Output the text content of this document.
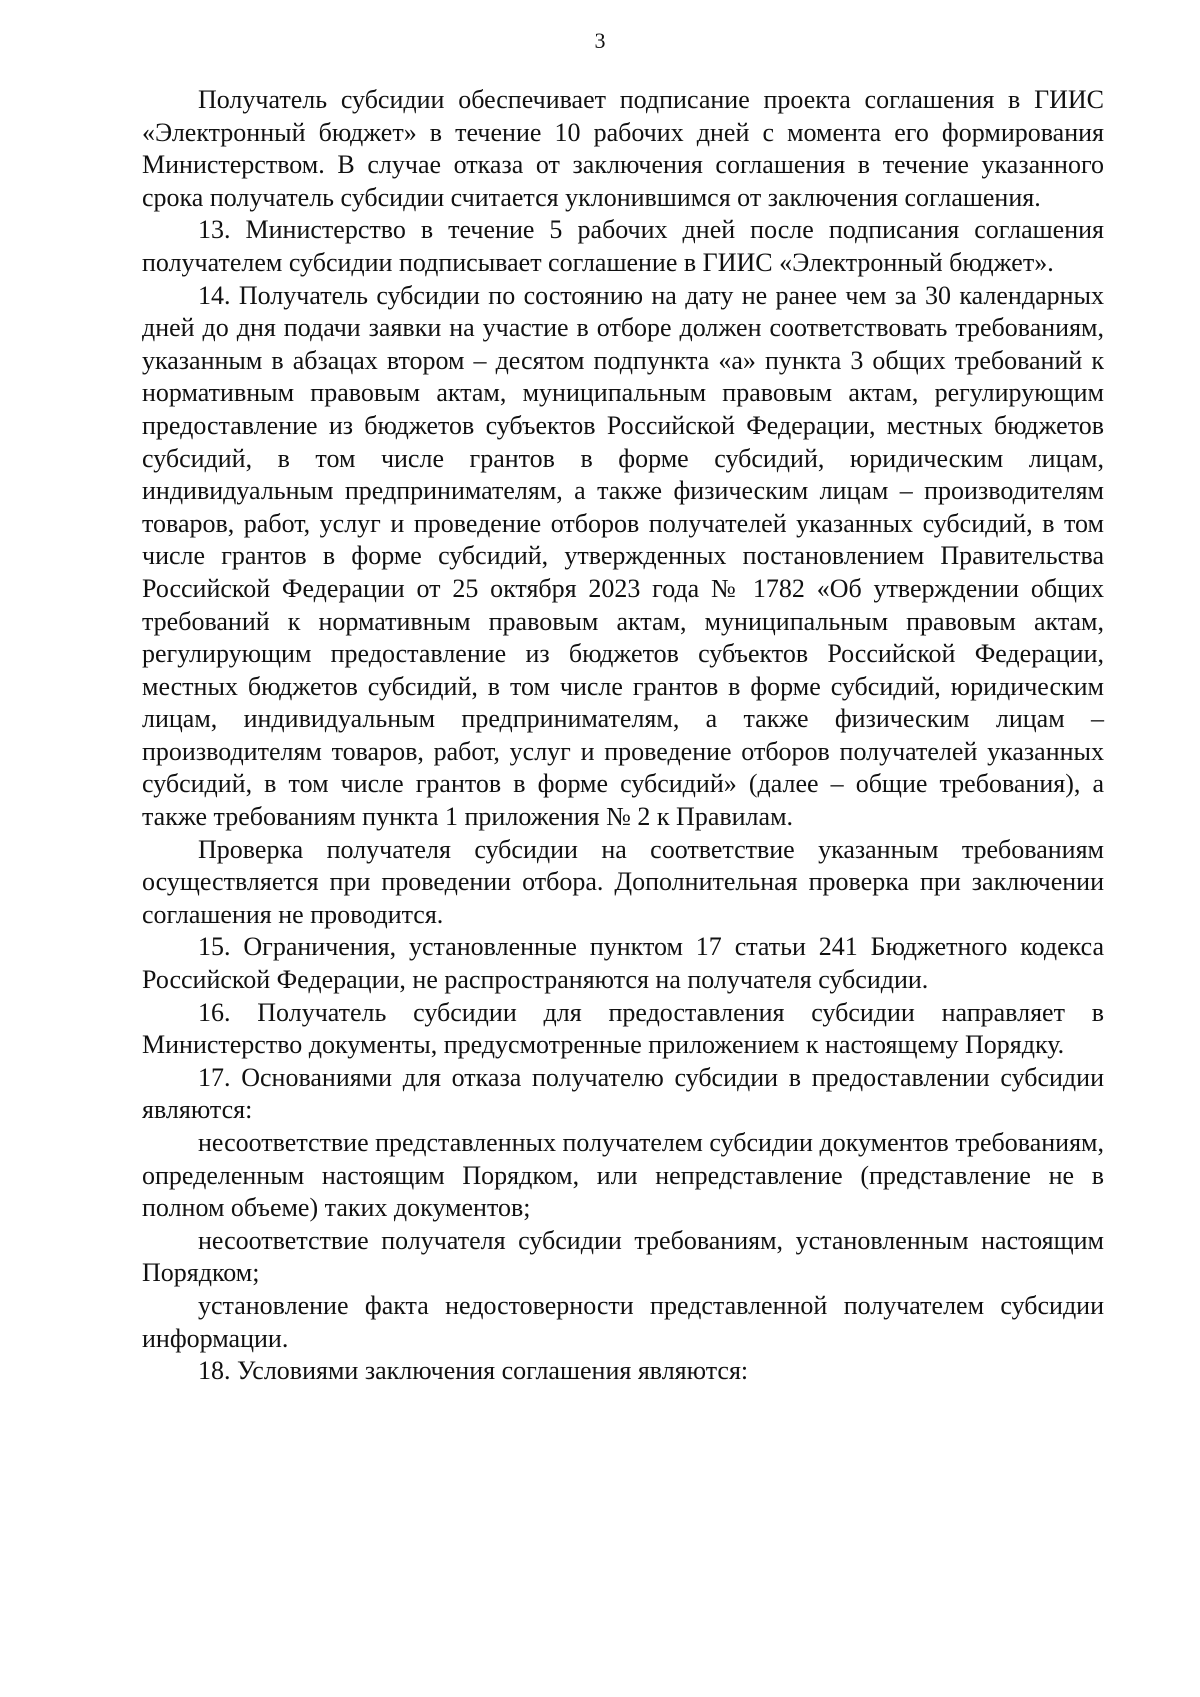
3

Получатель субсидии обеспечивает подписание проекта соглашения в ГИИС «Электронный бюджет» в течение 10 рабочих дней с момента его формирования Министерством. В случае отказа от заключения соглашения в течение указанного срока получатель субсидии считается уклонившимся от заключения соглашения.

13. Министерство в течение 5 рабочих дней после подписания соглашения получателем субсидии подписывает соглашение в ГИИС «Электронный бюджет».

14. Получатель субсидии по состоянию на дату не ранее чем за 30 календарных дней до дня подачи заявки на участие в отборе должен соответствовать требованиям, указанным в абзацах втором – десятом подпункта «а» пункта 3 общих требований к нормативным правовым актам, муниципальным правовым актам, регулирующим предоставление из бюджетов субъектов Российской Федерации, местных бюджетов субсидий, в том числе грантов в форме субсидий, юридическим лицам, индивидуальным предпринимателям, а также физическим лицам – производителям товаров, работ, услуг и проведение отборов получателей указанных субсидий, в том числе грантов в форме субсидий, утвержденных постановлением Правительства Российской Федерации от 25 октября 2023 года № 1782 «Об утверждении общих требований к нормативным правовым актам, муниципальным правовым актам, регулирующим предоставление из бюджетов субъектов Российской Федерации, местных бюджетов субсидий, в том числе грантов в форме субсидий, юридическим лицам, индивидуальным предпринимателям, а также физическим лицам – производителям товаров, работ, услуг и проведение отборов получателей указанных субсидий, в том числе грантов в форме субсидий» (далее – общие требования), а также требованиям пункта 1 приложения № 2 к Правилам.

Проверка получателя субсидии на соответствие указанным требованиям осуществляется при проведении отбора. Дополнительная проверка при заключении соглашения не проводится.

15. Ограничения, установленные пунктом 17 статьи 241 Бюджетного кодекса Российской Федерации, не распространяются на получателя субсидии.

16. Получатель субсидии для предоставления субсидии направляет в Министерство документы, предусмотренные приложением к настоящему Порядку.

17. Основаниями для отказа получателю субсидии в предоставлении субсидии являются:

несоответствие представленных получателем субсидии документов требованиям, определенным настоящим Порядком, или непредставление (представление не в полном объеме) таких документов;

несоответствие получателя субсидии требованиям, установленным настоящим Порядком;

установление факта недостоверности представленной получателем субсидии информации.

18. Условиями заключения соглашения являются:
